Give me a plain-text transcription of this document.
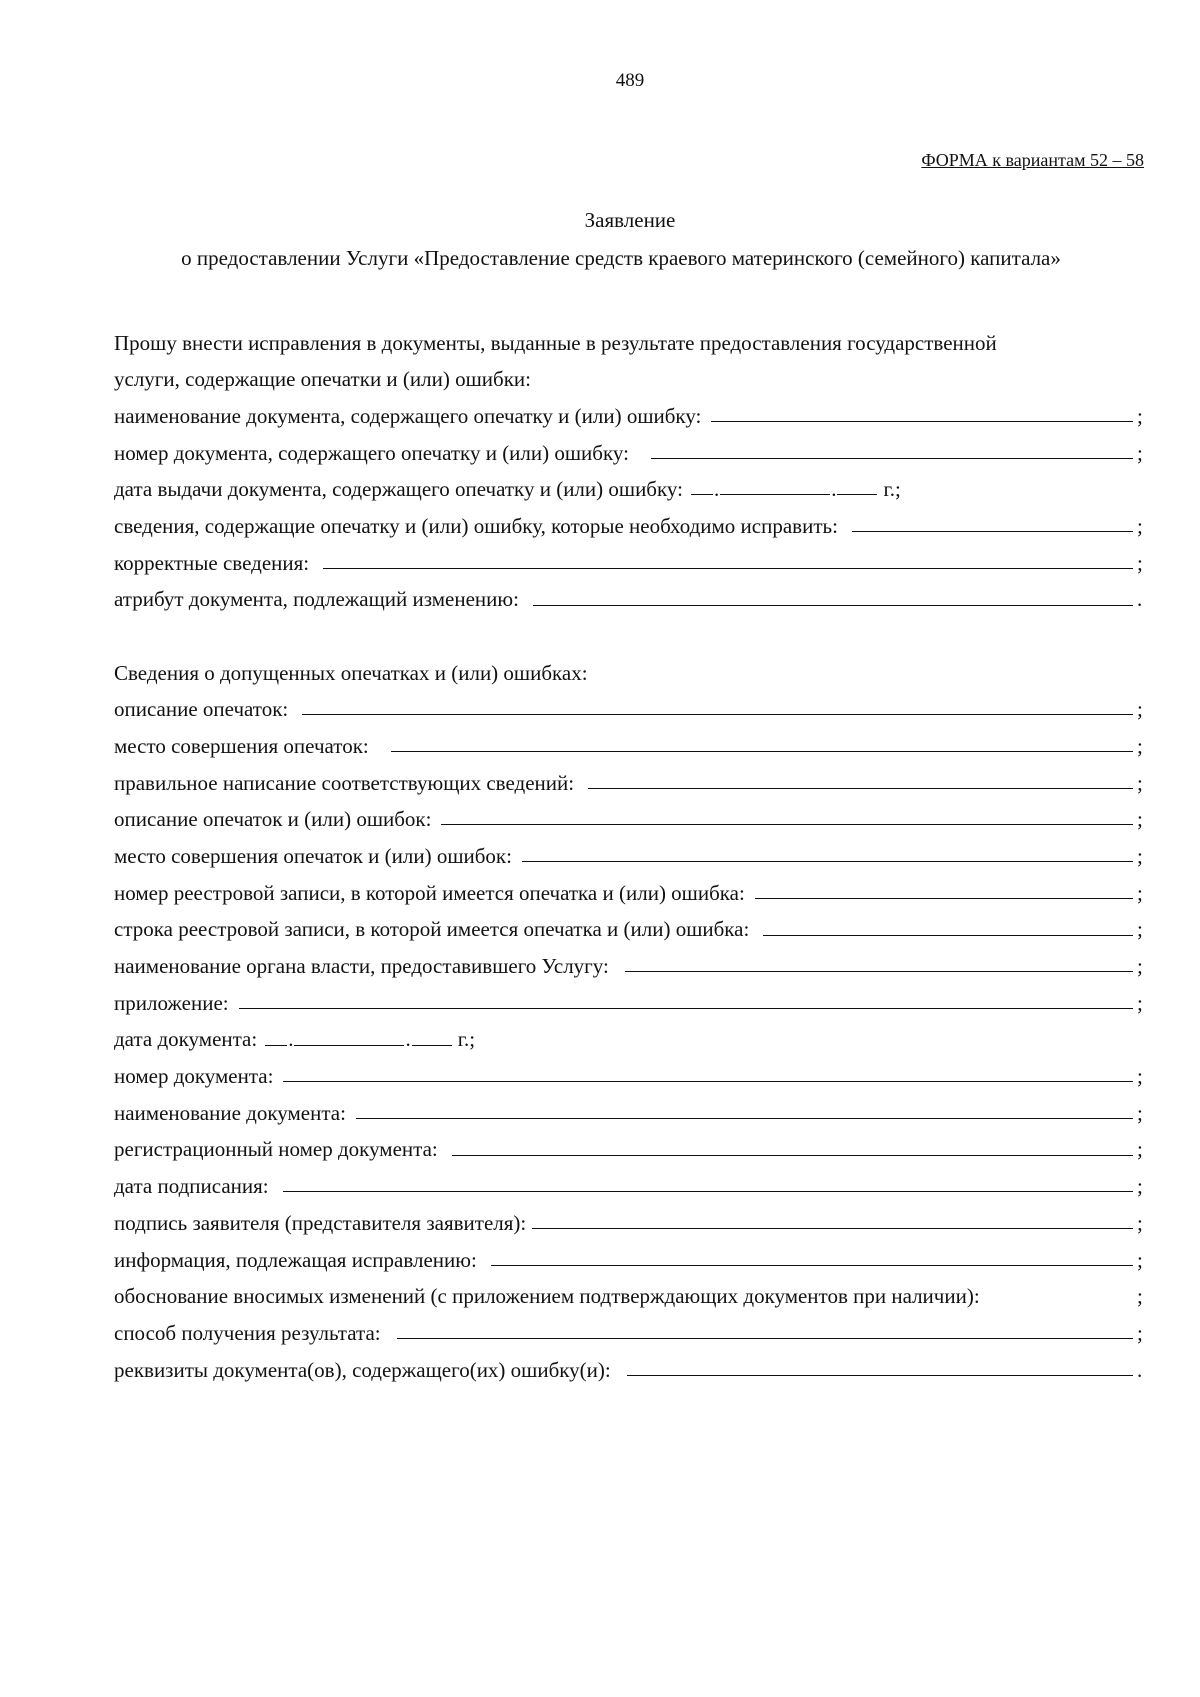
489
ФОРМА к вариантам 52 – 58
Заявление
о предоставлении Услуги «Предоставление средств краевого материнского (семейного) капитала»
Прошу внести исправления в документы, выданные в результате предоставления государственной
услуги, содержащие опечатки и (или) ошибки:
наименование документа, содержащего опечатку и (или) ошибку:	;
номер документа, содержащего опечатку и (или) ошибку:	;
дата выдачи документа, содержащего опечатку и (или) ошибку: .	. г.;
сведения, содержащие опечатку и (или) ошибку, которые необходимо исправить:	;
корректные сведения:	;
атрибут документа, подлежащий изменению:	.
Сведения о допущенных опечатках и (или) ошибках:
описание опечаток:	;
место совершения опечаток:	;
правильное написание соответствующих сведений:	;
описание опечаток и (или) ошибок:	;
место совершения опечаток и (или) ошибок:	;
номер реестровой записи, в которой имеется опечатка и (или) ошибка:	;
строка реестровой записи, в которой имеется опечатка и (или) ошибка:	;
наименование органа власти, предоставившего Услугу:	;
приложение:	;
дата документа: .	. г.;
номер документа:	;
наименование документа:	;
регистрационный номер документа:	;
дата подписания:	;
подпись заявителя (представителя заявителя):	;
информация, подлежащая исправлению:	;
обоснование вносимых изменений (с приложением подтверждающих документов при наличии):	;
способ получения результата:	;
реквизиты документа(ов), содержащего(их) ошибку(и):	.
